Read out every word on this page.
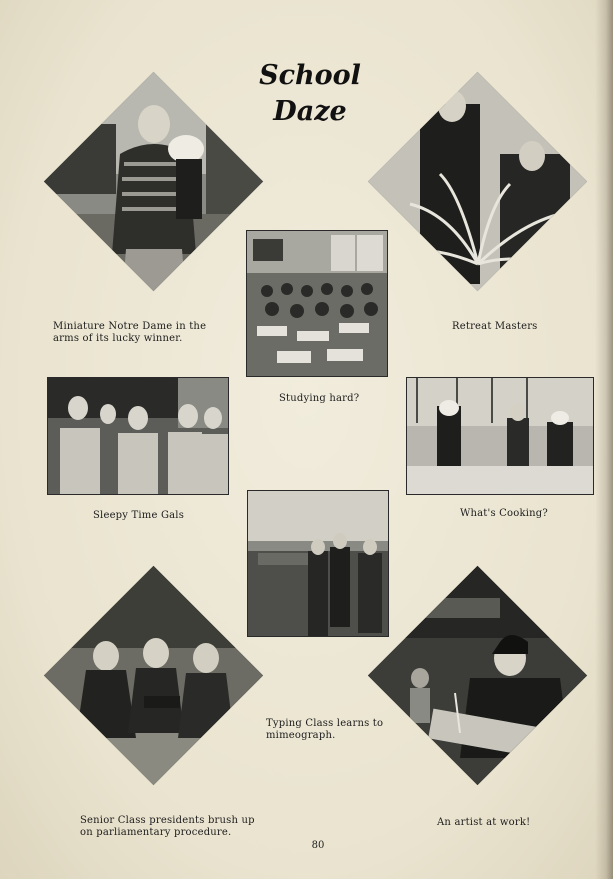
School
Daze
Miniature Notre Dame in the arms of its lucky winner.
Retreat Masters
Studying hard?
Sleepy Time Gals	What's Cooking?
Typing Class learns to mimeograph.
Senior Class presidents brush up on parliamentary procedure.
An artist at work!
80
